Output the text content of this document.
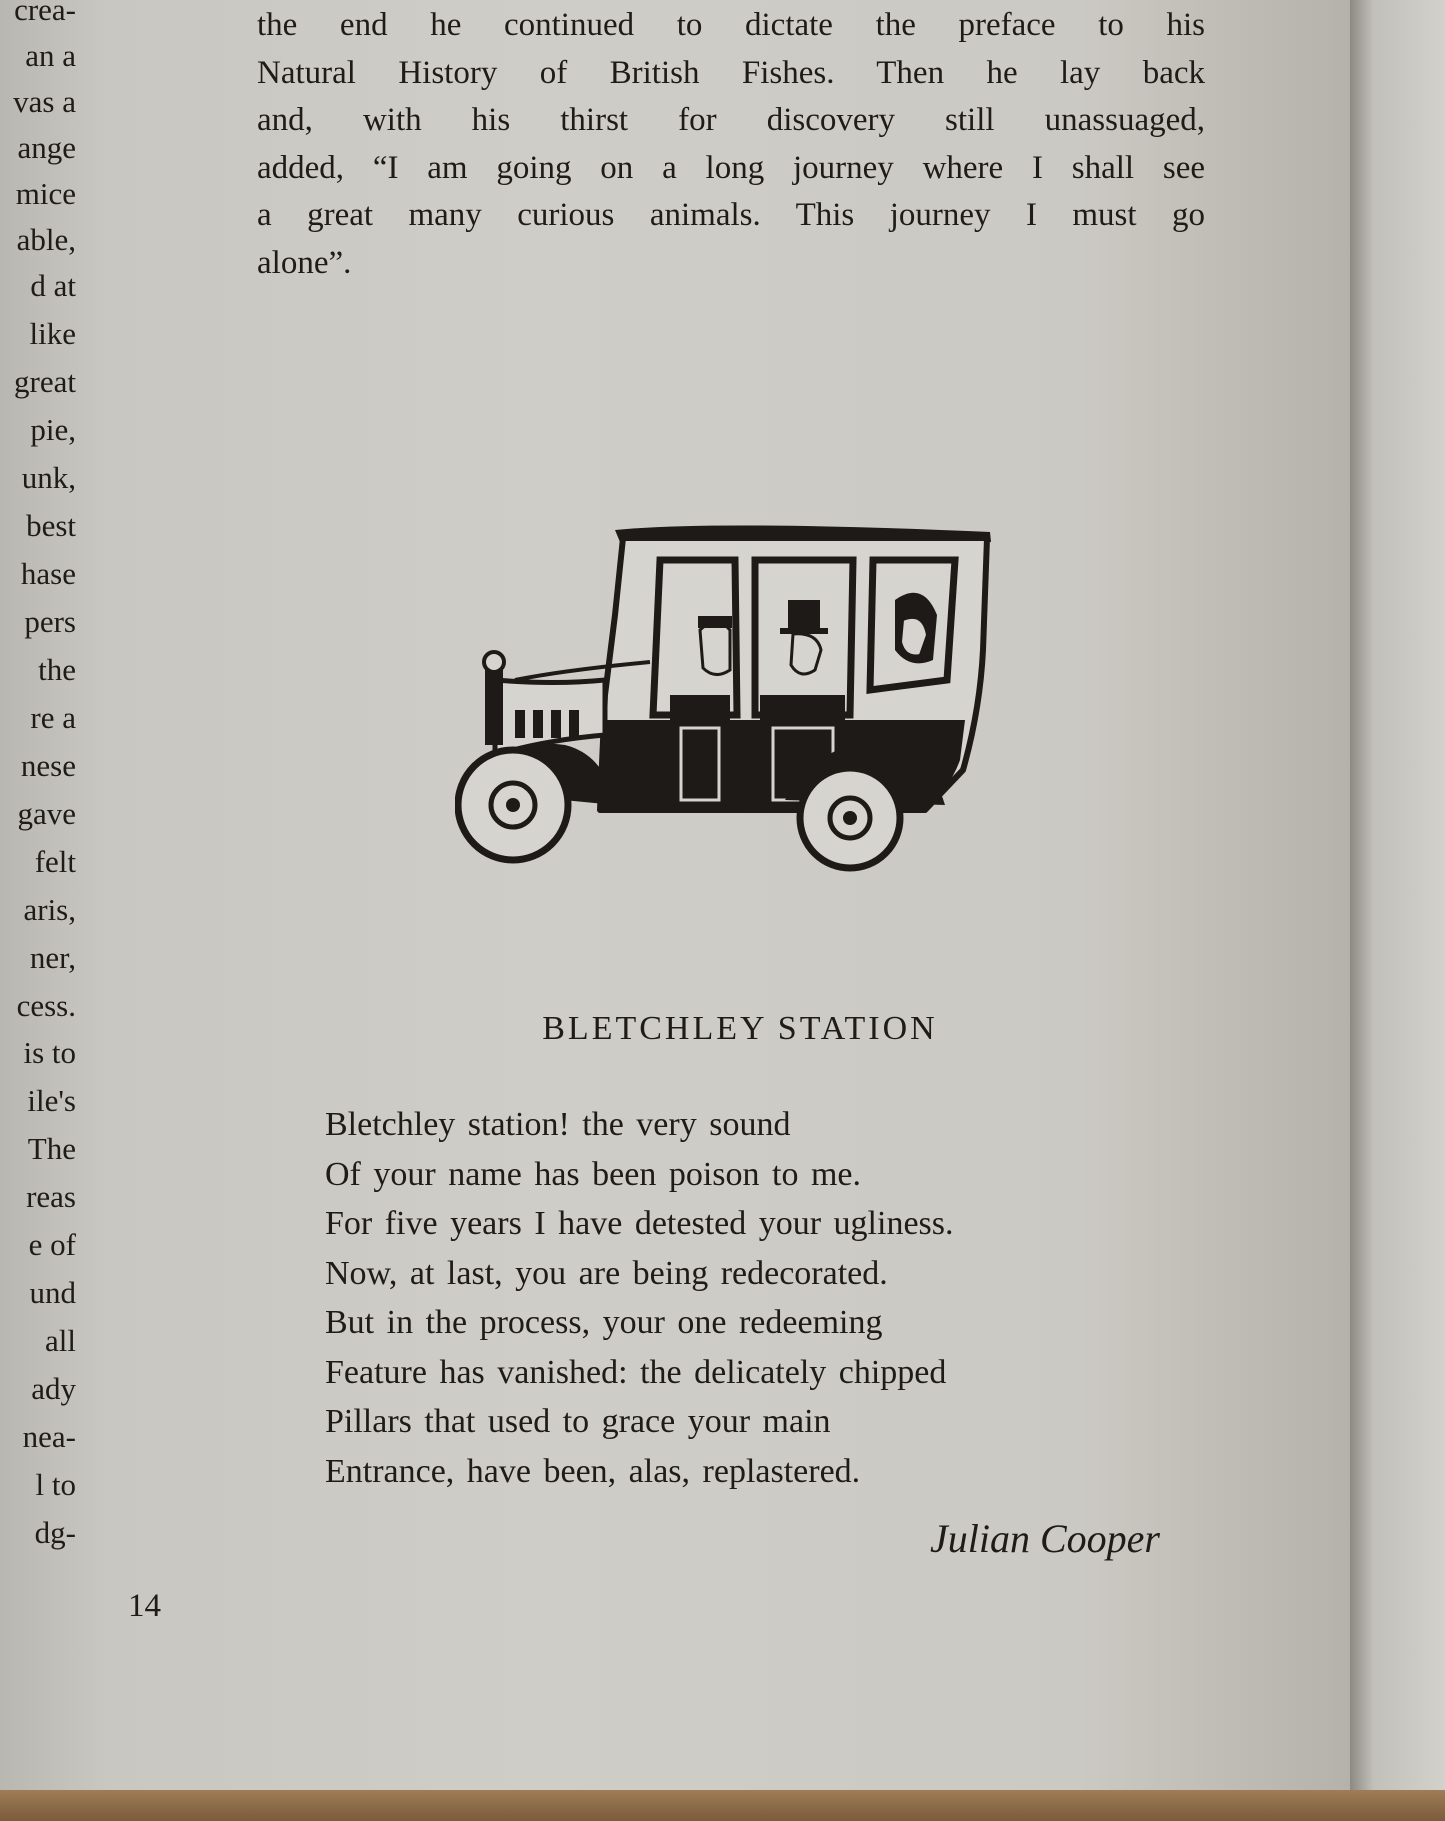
crea-
an a
vas a
ange
mice
able,
d at
like
great
pie,
unk,
best
hase
pers
the
re a
nese
gave
felt
aris,
ner,
cess.
is to
ile's
The
reas
e of
und
all
ady
nea-
l to
dg-
the end he continued to dictate the preface to his
Natural History of British Fishes. Then he lay back
and, with his thirst for discovery still unassuaged,
added, “I am going on a long journey where I shall see
a great many curious animals. This journey I must go
alone”.
BLETCHLEY STATION
Bletchley station! the very sound
Of your name has been poison to me.
For five years I have detested your ugliness.
Now, at last, you are being redecorated.
But in the process, your one redeeming
Feature has vanished: the delicately chipped
Pillars that used to grace your main
Entrance, have been, alas, replastered.
Julian Cooper
14
